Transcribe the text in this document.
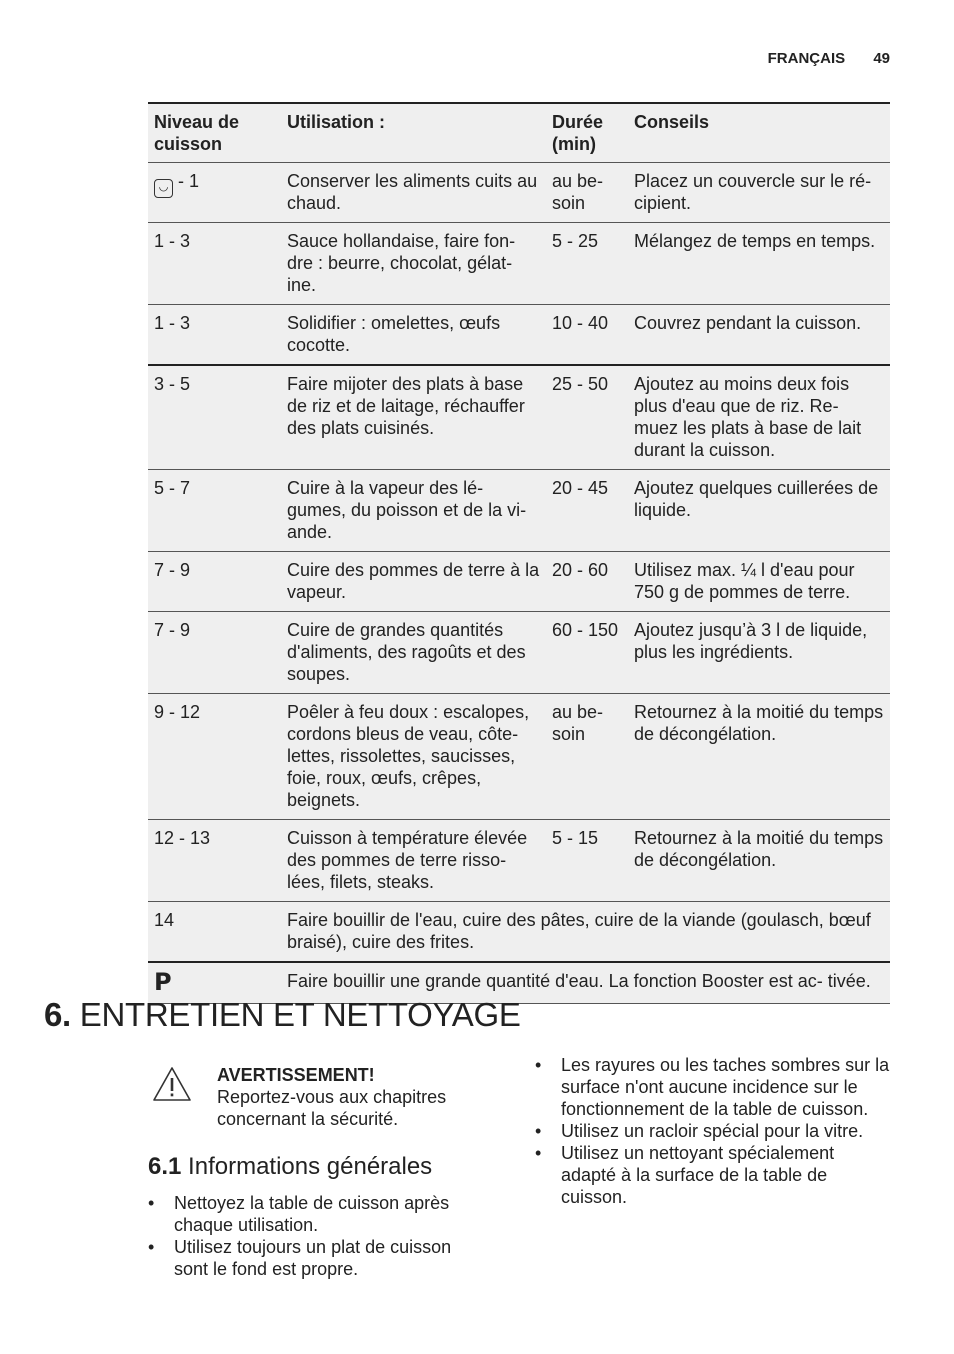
FRANÇAIS 49
Niveau de cuisson	Utilisation :	Durée (min)	Conseils
◡ - 1	Conserver les aliments cuits au chaud.	au be- soin	Placez un couvercle sur le ré- cipient.
1 - 3	Sauce hollandaise, faire fon- dre : beurre, chocolat, gélat- ine.	5 - 25	Mélangez de temps en temps.
1 - 3	Solidifier : omelettes, œufs cocotte.	10 - 40	Couvrez pendant la cuisson.
3 - 5	Faire mijoter des plats à base de riz et de laitage, réchauffer des plats cuisinés.	25 - 50	Ajoutez au moins deux fois plus d'eau que de riz. Re- muez les plats à base de lait durant la cuisson.
5 - 7	Cuire à la vapeur des lé- gumes, du poisson et de la vi- ande.	20 - 45	Ajoutez quelques cuillerées de liquide.
7 - 9	Cuire des pommes de terre à la vapeur.	20 - 60	Utilisez max. ¼ l d'eau pour 750 g de pommes de terre.
7 - 9	Cuire de grandes quantités d'aliments, des ragoûts et des soupes.	60 - 150	Ajoutez jusqu’à 3 l de liquide, plus les ingrédients.
9 - 12	Poêler à feu doux : escalopes, cordons bleus de veau, côte- lettes, rissolettes, saucisses, foie, roux, œufs, crêpes, beignets.	au be- soin	Retournez à la moitié du temps de décongélation.
12 - 13	Cuisson à température élevée des pommes de terre risso- lées, filets, steaks.	5 - 15	Retournez à la moitié du temps de décongélation.
14	Faire bouillir de l'eau, cuire des pâtes, cuire de la viande (goulasch, bœuf braisé), cuire des frites.		
P	Faire bouillir une grande quantité d'eau. La fonction Booster est ac- tivée.		
6. ENTRETIEN ET NETTOYAGE
AVERTISSEMENT!
Reportez-vous aux chapitres concernant la sécurité.
6.1 Informations générales
• Nettoyez la table de cuisson après chaque utilisation.
• Utilisez toujours un plat de cuisson sont le fond est propre.
• Les rayures ou les taches sombres sur la surface n'ont aucune incidence sur le fonctionnement de la table de cuisson.
• Utilisez un racloir spécial pour la vitre.
• Utilisez un nettoyant spécialement adapté à la surface de la table de cuisson.
